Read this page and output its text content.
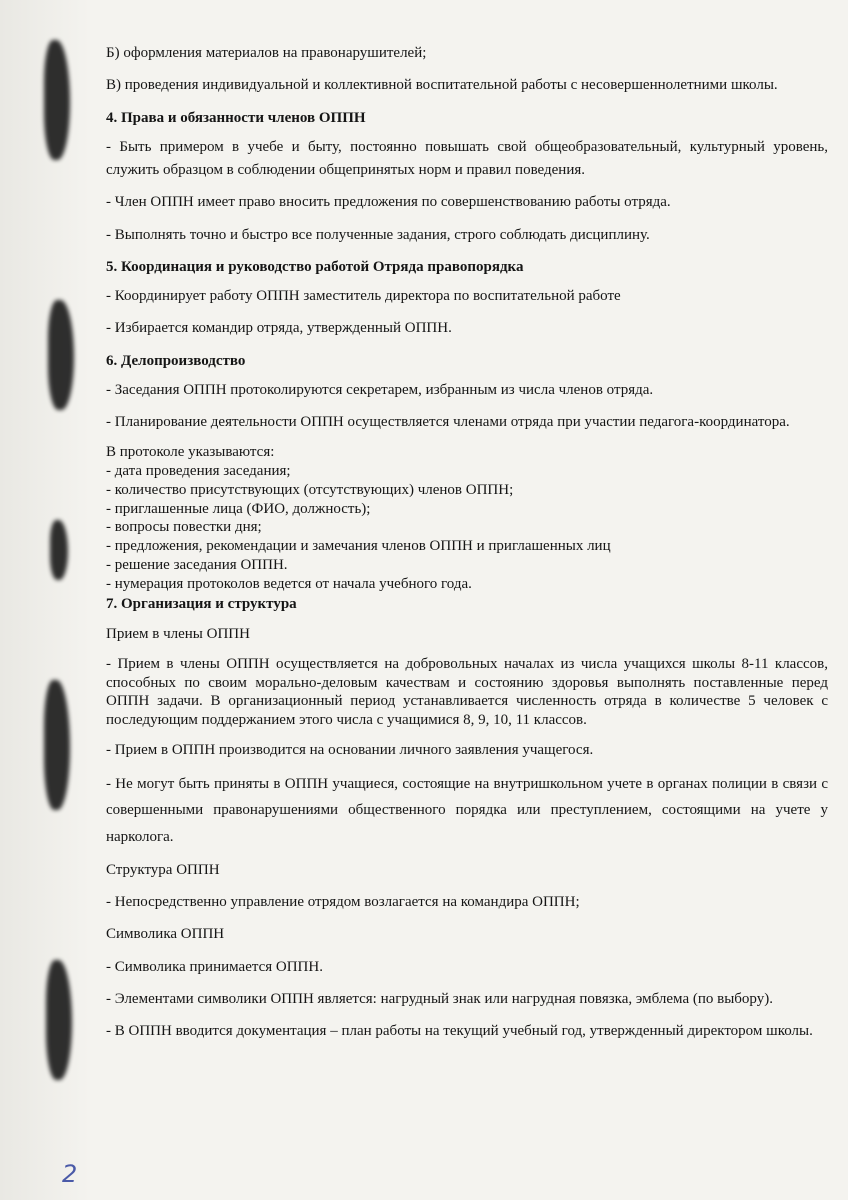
Б) оформления материалов на правонарушителей;

В) проведения индивидуальной и коллективной воспитательной работы с несовершеннолетними школы.

4. Права и обязанности членов ОППН

- Быть примером в учебе и быту, постоянно повышать свой общеобразовательный, культурный уровень, служить образцом в соблюдении общепринятых норм и правил поведения.

- Член ОППН имеет право вносить предложения по совершенствованию работы отряда.

- Выполнять точно и быстро все полученные задания, строго соблюдать дисциплину.

5. Координация и руководство работой Отряда правопорядка

- Координирует работу ОППН заместитель директора по воспитательной работе

- Избирается командир отряда, утвержденный ОППН.

6. Делопроизводство

- Заседания ОППН протоколируются секретарем, избранным из числа членов отряда.

- Планирование деятельности ОППН осуществляется членами отряда при участии педагога-координатора.

В протоколе указываются:

- дата проведения заседания;

- количество присутствующих (отсутствующих) членов ОППН;

- приглашенные лица (ФИО, должность);

- вопросы повестки дня;

- предложения, рекомендации и замечания членов ОППН и приглашенных лиц

- решение заседания ОППН.

- нумерация протоколов ведется от начала учебного года.

7. Организация и структура

Прием в члены ОППН

- Прием в члены ОППН осуществляется на добровольных началах из числа учащихся школы 8-11 классов, способных по своим морально-деловым качествам и состоянию здоровья выполнять поставленные перед ОППН задачи. В организационный период устанавливается численность отряда в количестве 5 человек с последующим поддержанием этого числа с учащимися 8, 9, 10, 11 классов.

- Прием в ОППН производится на основании личного заявления учащегося.

- Не могут быть приняты в ОППН учащиеся, состоящие на внутришкольном учете в органах полиции в связи с совершенными правонарушениями общественного порядка или преступлением, состоящими на учете у нарколога.

Структура ОППН

- Непосредственно управление отрядом возлагается на командира ОППН;

Символика ОППН

- Символика принимается ОППН.

- Элементами символики ОППН является: нагрудный знак или нагрудная повязка, эмблема (по выбору).

- В ОППН вводится документация – план работы на текущий учебный год, утвержденный директором школы.

2
